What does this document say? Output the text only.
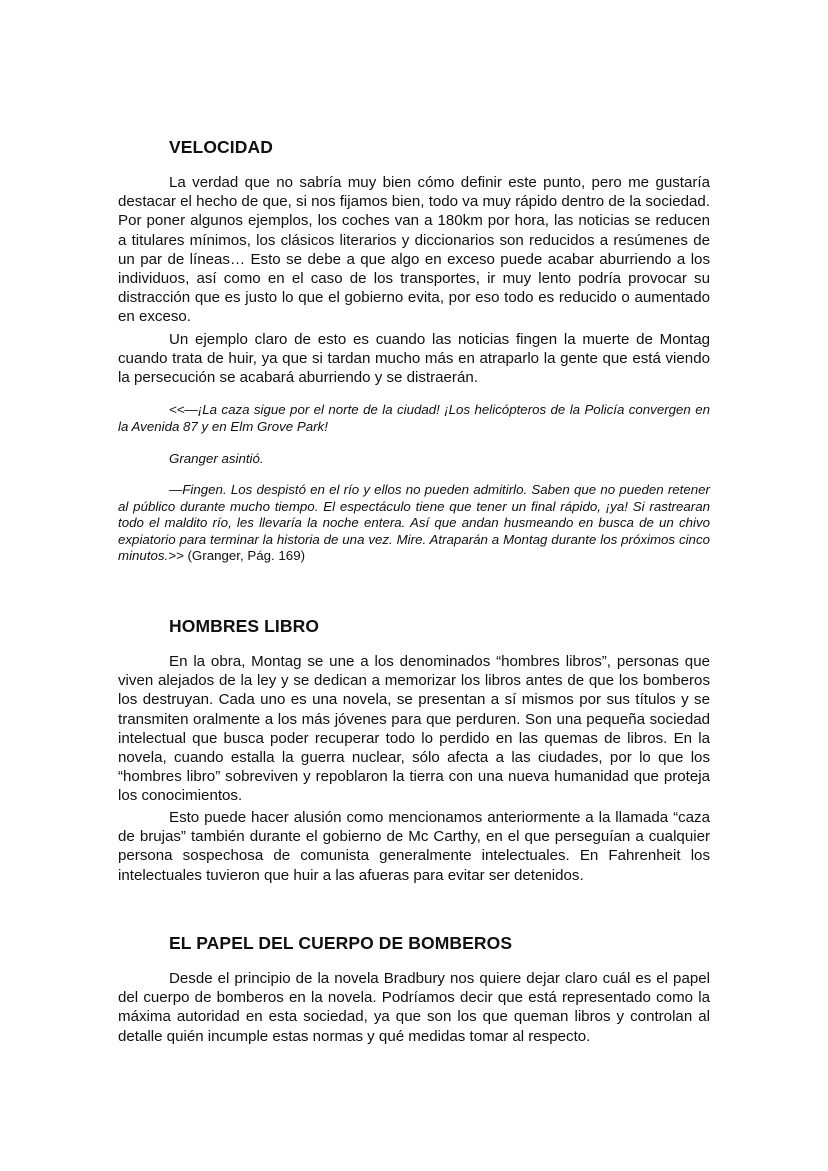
VELOCIDAD

La verdad que no sabría muy bien cómo definir este punto, pero me gustaría destacar el hecho de que, si nos fijamos bien, todo va muy rápido dentro de la sociedad. Por poner algunos ejemplos, los coches van a 180km por hora, las noticias se reducen a titulares mínimos, los clásicos literarios y diccionarios son reducidos a resúmenes de un par de líneas… Esto se debe a que algo en exceso puede acabar aburriendo a los individuos, así como en el caso de los transportes, ir muy lento podría provocar su distracción que es justo lo que el gobierno evita, por eso todo es reducido o aumentado en exceso.

Un ejemplo claro de esto es cuando las noticias fingen la muerte de Montag cuando trata de huir, ya que si tardan mucho más en atraparlo la gente que está viendo la persecución se acabará aburriendo y se distraerán.

<<—¡La caza sigue por el norte de la ciudad! ¡Los helicópteros de la Policía convergen en la Avenida 87 y en Elm Grove Park!

Granger asintió.

—Fingen. Los despistó en el río y ellos no pueden admitirlo. Saben que no pueden retener al público durante mucho tiempo. El espectáculo tiene que tener un final rápido, ¡ya! Si rastrearan todo el maldito río, les llevaría la noche entera. Así que andan husmeando en busca de un chivo expiatorio para terminar la historia de una vez. Mire. Atraparán a Montag durante los próximos cinco minutos.>> (Granger, Pág. 169)

HOMBRES LIBRO

En la obra, Montag se une a los denominados “hombres libros”, personas que viven alejados de la ley y se dedican a memorizar los libros antes de que los bomberos los destruyan. Cada uno es una novela, se presentan a sí mismos por sus títulos y se transmiten oralmente a los más jóvenes para que perduren. Son una pequeña sociedad intelectual que busca poder recuperar todo lo perdido en las quemas de libros. En la novela, cuando estalla la guerra nuclear, sólo afecta a las ciudades, por lo que los “hombres libro” sobreviven y repoblaron la tierra con una nueva humanidad que proteja los conocimientos.

Esto puede hacer alusión como mencionamos anteriormente a la llamada “caza de brujas” también durante el gobierno de Mc Carthy, en el que perseguían a cualquier persona sospechosa de comunista generalmente intelectuales. En Fahrenheit los intelectuales tuvieron que huir a las afueras para evitar ser detenidos.

EL PAPEL DEL CUERPO DE BOMBEROS

Desde el principio de la novela Bradbury nos quiere dejar claro cuál es el papel del cuerpo de bomberos en la novela. Podríamos decir que está representado como la máxima autoridad en esta sociedad, ya que son los que queman libros y controlan al detalle quién incumple estas normas y qué medidas tomar al respecto.
